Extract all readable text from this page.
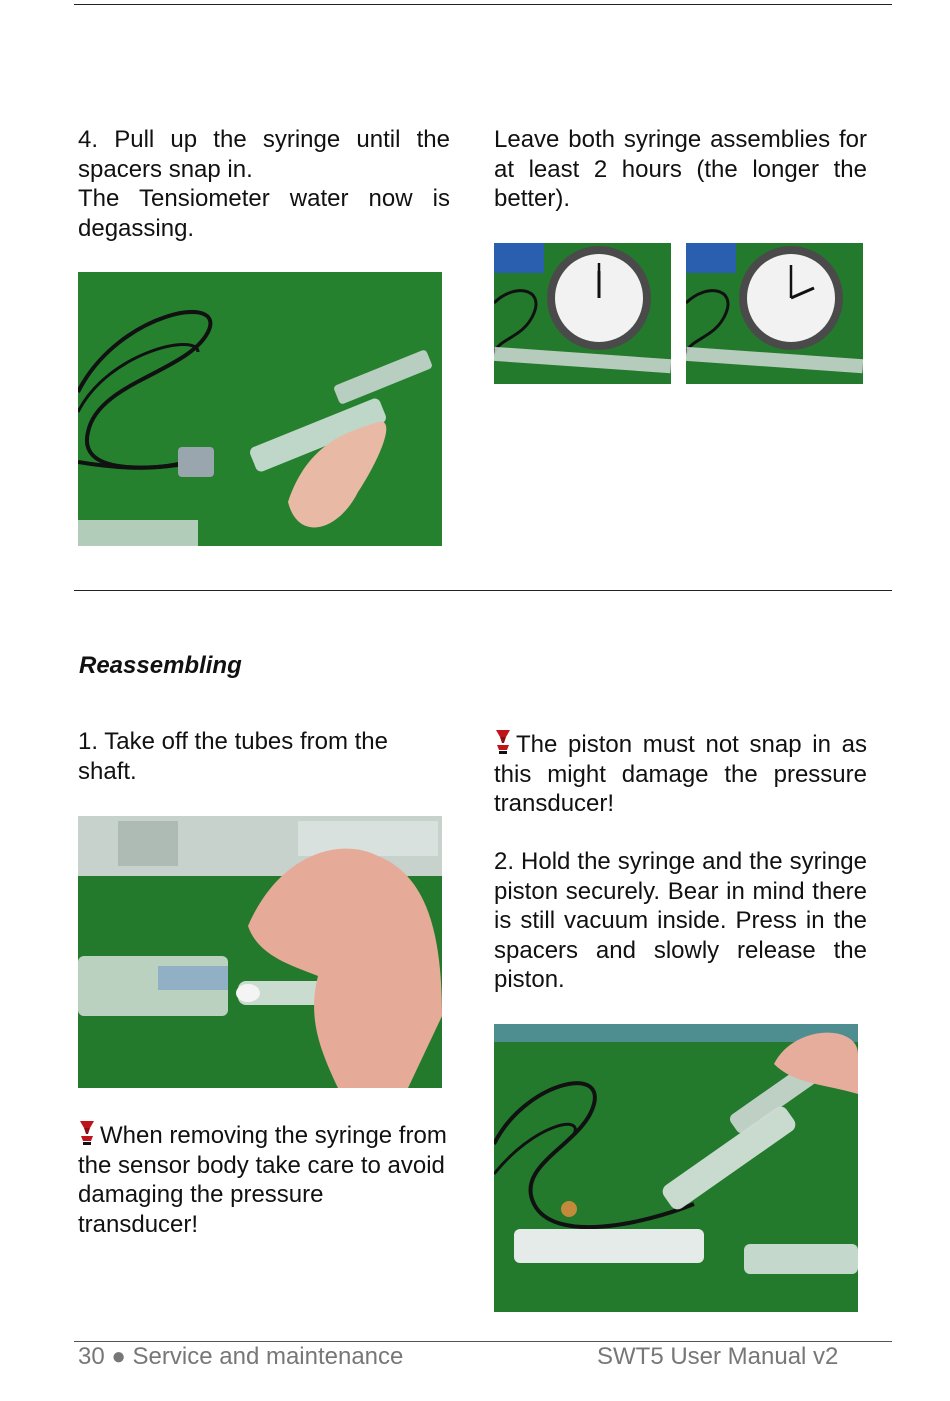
4. Pull up the syringe until the spacers snap in.

The Tensiometer water now is degassing.

Leave both syringe assemblies for at least 2 hours (the longer the better).

Reassembling

1. Take off the tubes from the shaft.

When removing the syringe from the sensor body take care to avoid damaging the pressure transducer!

The piston must not snap in as this might damage the pressure transducer!

2. Hold the syringe and the syringe piston securely. Bear in mind there is still vacuum inside. Press in the spacers and slowly release the piston.

30 ● Service and maintenance	SWT5 User Manual v2
